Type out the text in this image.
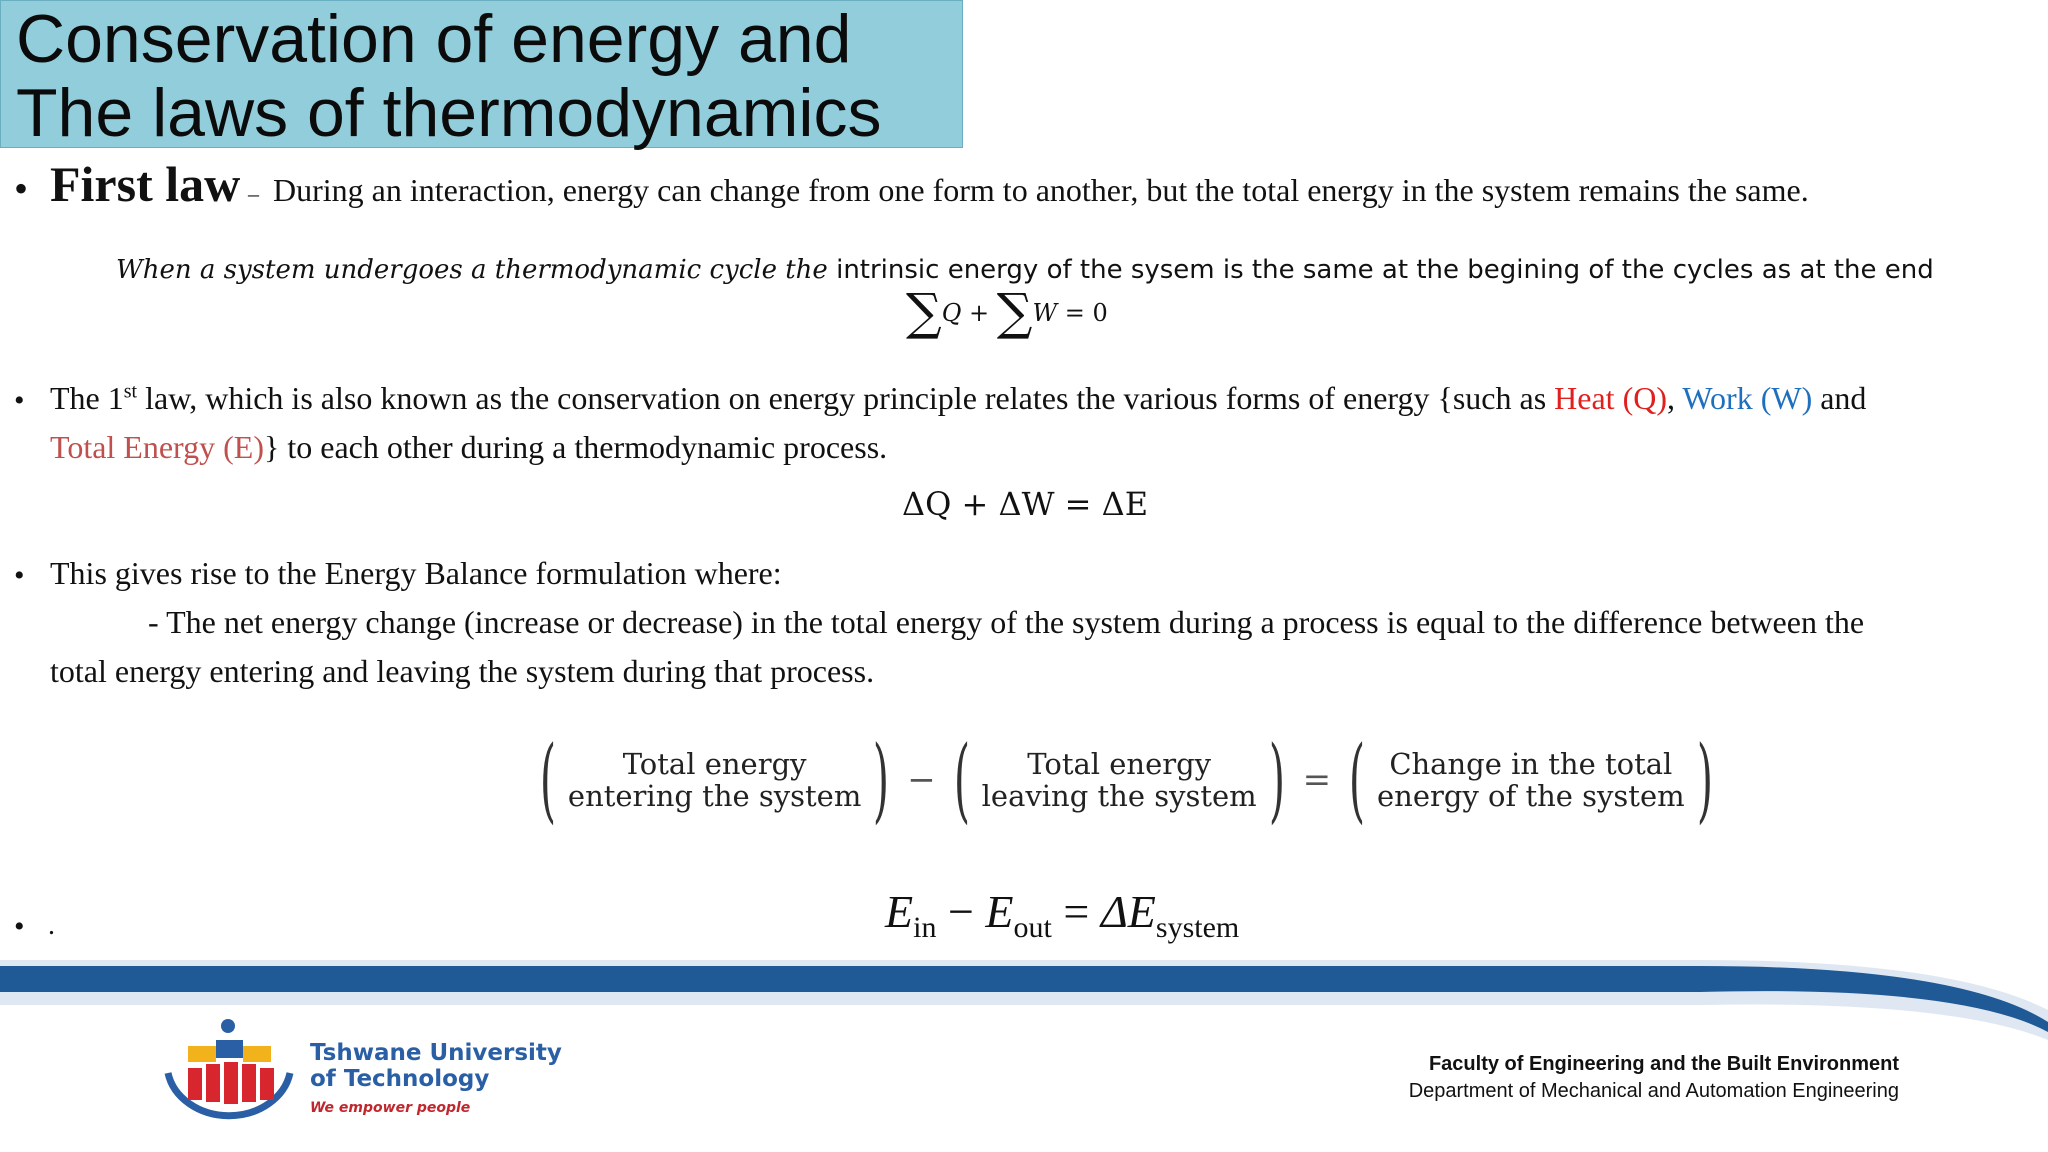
Conservation of energy and
The laws of thermodynamics
• First law – During an interaction, energy can change from one form to another, but the total energy in the system remains the same.
When a system undergoes a thermodynamic cycle the intrinsic energy of the sysem is the same at the begining of the cycles as at the end
∑Q + ∑W = 0
• The 1st law, which is also known as the conservation on energy principle relates the various forms of energy {such as Heat (Q), Work (W) and
Total Energy (E)} to each other during a thermodynamic process.
ΔQ + ΔW = ΔE
• This gives rise to the Energy Balance formulation where:
- The net energy change (increase or decrease) in the total energy of the system during a process is equal to the difference between the
total energy entering and leaving the system during that process.
(	Total energy
entering the system ) − (	Total energy
leaving the system ) = ( Change in the total
energy of the system )
• .	$E_{in} - E_{out} = \Delta E_{system}$
Tshwane University
of Technology
We empower people
Faculty of Engineering and the Built Environment
Department of Mechanical and Automation Engineering
